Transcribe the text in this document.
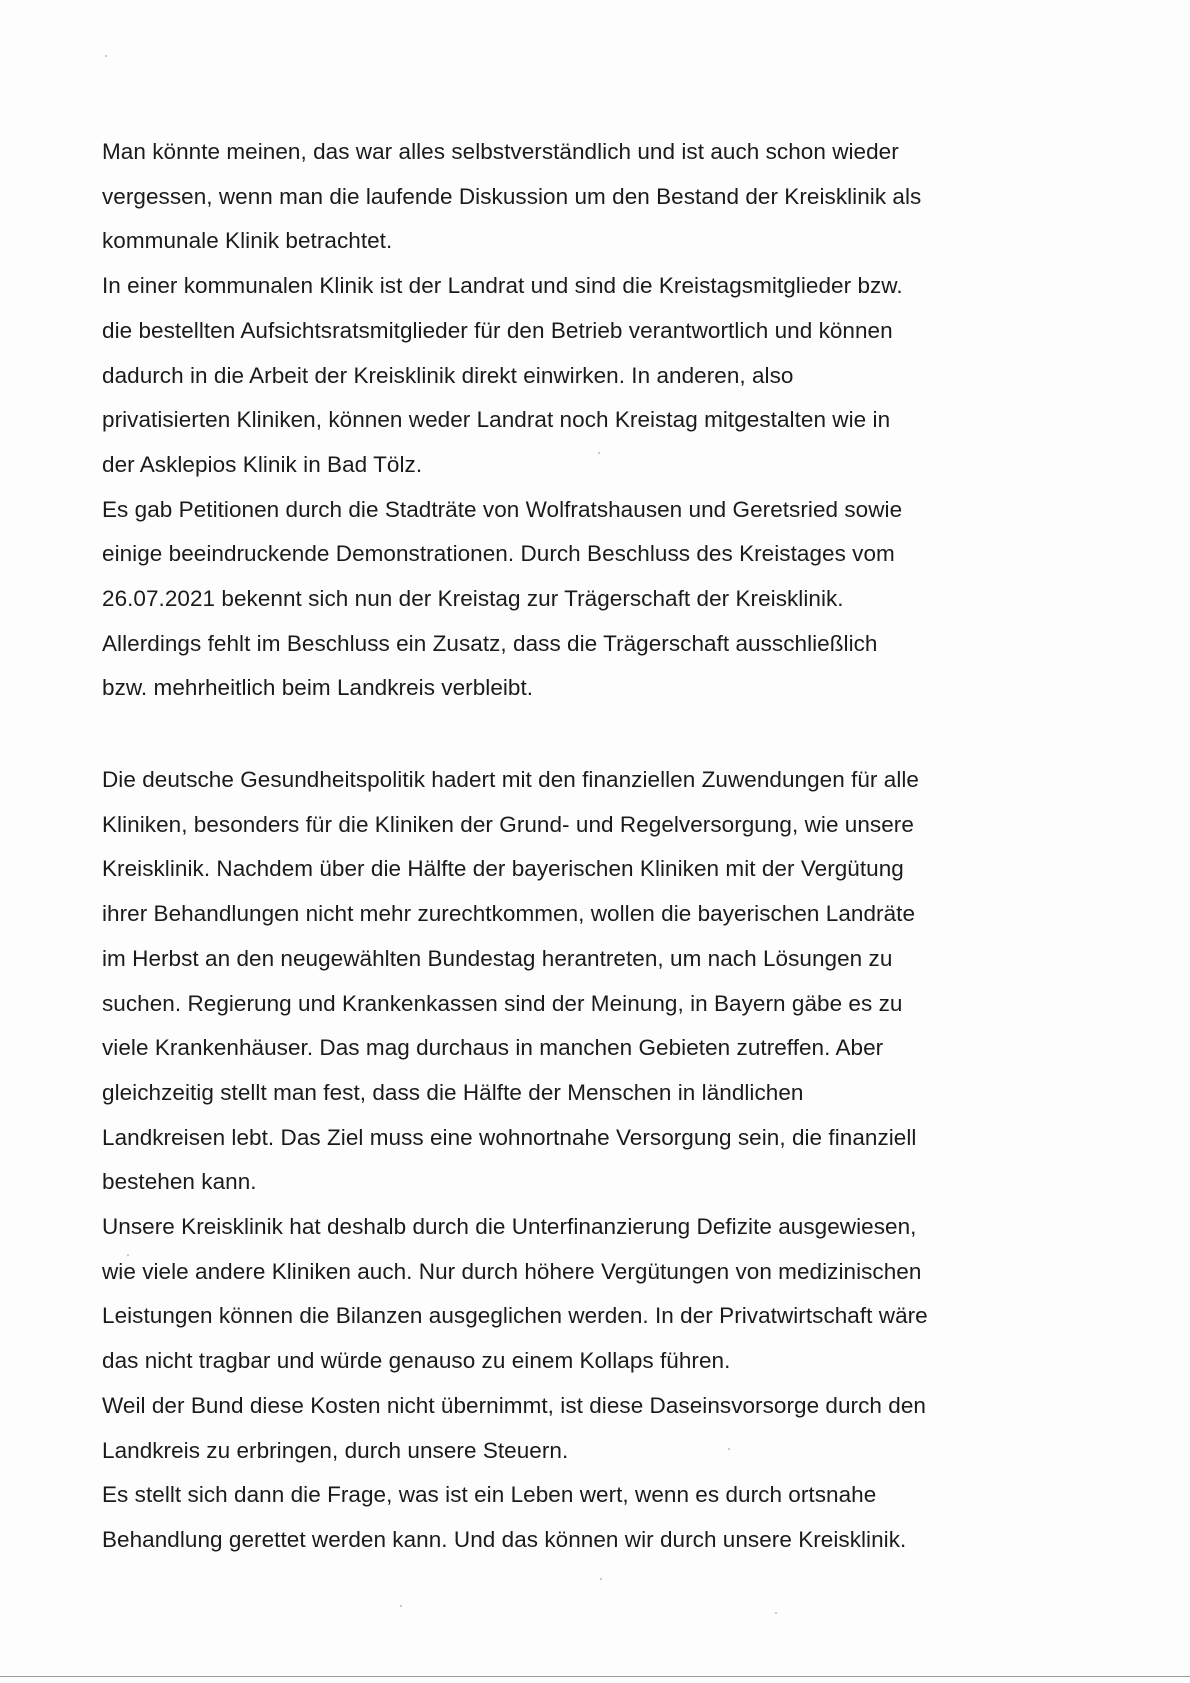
Man könnte meinen, das war alles selbstverständlich und ist auch schon wieder
vergessen, wenn man die laufende Diskussion um den Bestand der Kreisklinik als
kommunale Klinik betrachtet.
In einer kommunalen Klinik ist der Landrat und sind die Kreistagsmitglieder bzw.
die bestellten Aufsichtsratsmitglieder für den Betrieb verantwortlich und können
dadurch in die Arbeit der Kreisklinik direkt einwirken. In anderen, also
privatisierten Kliniken, können weder Landrat noch Kreistag mitgestalten wie in
der Asklepios Klinik in Bad Tölz.
Es gab Petitionen durch die Stadträte von Wolfratshausen und Geretsried sowie
einige beeindruckende Demonstrationen. Durch Beschluss des Kreistages vom
26.07.2021 bekennt sich nun der Kreistag zur Trägerschaft der Kreisklinik.
Allerdings fehlt im Beschluss ein Zusatz, dass die Trägerschaft ausschließlich
bzw. mehrheitlich beim Landkreis verbleibt.
Die deutsche Gesundheitspolitik hadert mit den finanziellen Zuwendungen für alle
Kliniken, besonders für die Kliniken der Grund- und Regelversorgung, wie unsere
Kreisklinik. Nachdem über die Hälfte der bayerischen Kliniken mit der Vergütung
ihrer Behandlungen nicht mehr zurechtkommen, wollen die bayerischen Landräte
im Herbst an den neugewählten Bundestag herantreten, um nach Lösungen zu
suchen. Regierung und Krankenkassen sind der Meinung, in Bayern gäbe es zu
viele Krankenhäuser. Das mag durchaus in manchen Gebieten zutreffen. Aber
gleichzeitig stellt man fest, dass die Hälfte der Menschen in ländlichen
Landkreisen lebt. Das Ziel muss eine wohnortnahe Versorgung sein, die finanziell
bestehen kann.
Unsere Kreisklinik hat deshalb durch die Unterfinanzierung Defizite ausgewiesen,
wie viele andere Kliniken auch. Nur durch höhere Vergütungen von medizinischen
Leistungen können die Bilanzen ausgeglichen werden. In der Privatwirtschaft wäre
das nicht tragbar und würde genauso zu einem Kollaps führen.
Weil der Bund diese Kosten nicht übernimmt, ist diese Daseinsvorsorge durch den
Landkreis zu erbringen, durch unsere Steuern.
Es stellt sich dann die Frage, was ist ein Leben wert, wenn es durch ortsnahe
Behandlung gerettet werden kann. Und das können wir durch unsere Kreisklinik.
